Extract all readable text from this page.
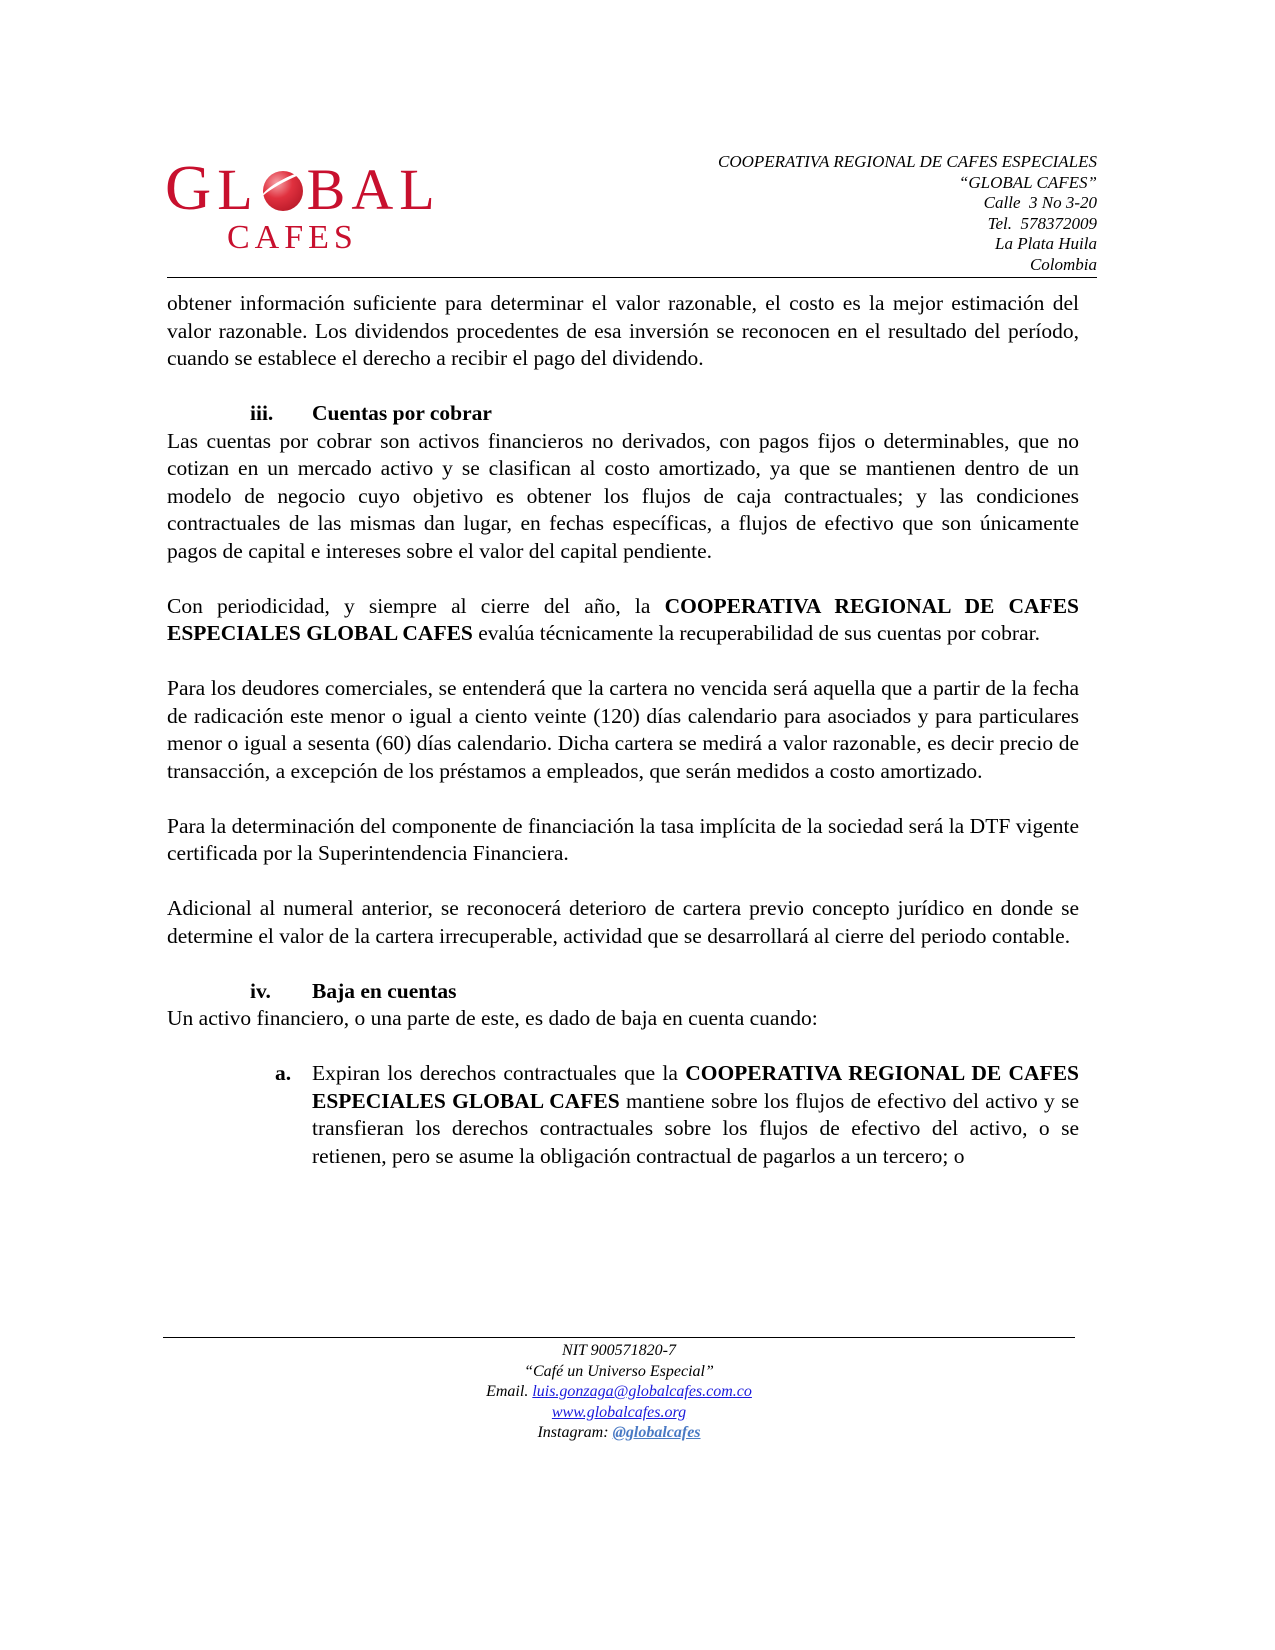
GL BAL
CAFES
COOPERATIVA REGIONAL DE CAFES ESPECIALES
“GLOBAL CAFES”
Calle  3 No 3-20
Tel.  578372009
La Plata Huila
Colombia

obtener información suficiente para determinar el valor razonable, el costo es la mejor estimación del valor razonable. Los dividendos procedentes de esa inversión se reconocen en el resultado del período, cuando se establece el derecho a recibir el pago del dividendo.

iii.	Cuentas por cobrar

Las cuentas por cobrar son activos financieros no derivados, con pagos fijos o determinables, que no cotizan en un mercado activo y se clasifican al costo amortizado, ya que se mantienen dentro de un modelo de negocio cuyo objetivo es obtener los flujos de caja contractuales; y las condiciones contractuales de las mismas dan lugar, en fechas específicas, a flujos de efectivo que son únicamente pagos de capital e intereses sobre el valor del capital pendiente.

Con periodicidad, y siempre al cierre del año, la COOPERATIVA REGIONAL DE CAFES ESPECIALES GLOBAL CAFES evalúa técnicamente la recuperabilidad de sus cuentas por cobrar.

Para los deudores comerciales, se entenderá que la cartera no vencida será aquella que a partir de la fecha de radicación este menor o igual a ciento veinte (120) días calendario para asociados y para particulares menor o igual a sesenta (60) días calendario. Dicha cartera se medirá a valor razonable, es decir precio de transacción, a excepción de los préstamos a empleados, que serán medidos a costo amortizado.

Para la determinación del componente de financiación la tasa implícita de la sociedad será la DTF vigente certificada por la Superintendencia Financiera.

Adicional al numeral anterior, se reconocerá deterioro de cartera previo concepto jurídico en donde se determine el valor de la cartera irrecuperable, actividad que se desarrollará al cierre del periodo contable.

iv.	Baja en cuentas

Un activo financiero, o una parte de este, es dado de baja en cuenta cuando:

a. Expiran los derechos contractuales que la COOPERATIVA REGIONAL DE CAFES ESPECIALES GLOBAL CAFES mantiene sobre los flujos de efectivo del activo y se transfieran los derechos contractuales sobre los flujos de efectivo del activo, o se retienen, pero se asume la obligación contractual de pagarlos a un tercero; o
NIT 900571820-7
“Café un Universo Especial”
Email. luis.gonzaga@globalcafes.com.co
www.globalcafes.org
Instagram: @globalcafes
